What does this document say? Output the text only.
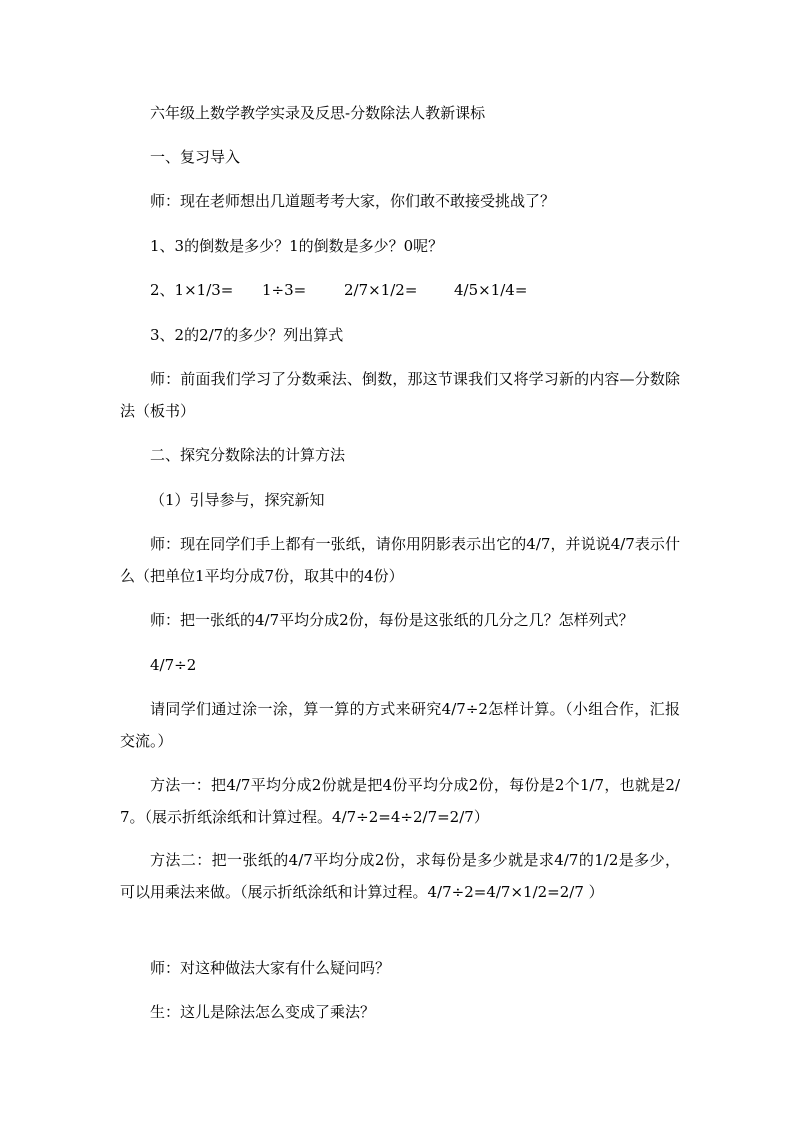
六年级上数学教学实录及反思-分数除法人教新课标
一、复习导入
师：现在老师想出几道题考考大家，你们敢不敢接受挑战了？
1、3的倒数是多少？1的倒数是多少？0呢？
2、1×1/3= 1÷3=	2/7×1/2= 4/5×1/4=
3、2的2/7的多少？列出算式
师：前面我们学习了分数乘法、倒数，那这节课我们又将学习新的内容—分数除法（板书）
二、探究分数除法的计算方法
（1）引导参与，探究新知
师：现在同学们手上都有一张纸，请你用阴影表示出它的4/7，并说说4/7表示什么（把单位1平均分成7份，取其中的4份）
师：把一张纸的4/7平均分成2份，每份是这张纸的几分之几？怎样列式？
4/7÷2
请同学们通过涂一涂，算一算的方式来研究4/7÷2怎样计算。（小组合作，汇报交流。）
方法一：把4/7平均分成2份就是把4份平均分成2份，每份是2个1/7，也就是2/7。（展示折纸涂纸和计算过程。4/7÷2=4÷2/7=2/7）
方法二：把一张纸的4/7平均分成2份，求每份是多少就是求4/7的1/2是多少，可以用乘法来做。（展示折纸涂纸和计算过程。4/7÷2=4/7×1/2=2/7 ）
师：对这种做法大家有什么疑问吗？
生：这儿是除法怎么变成了乘法？
